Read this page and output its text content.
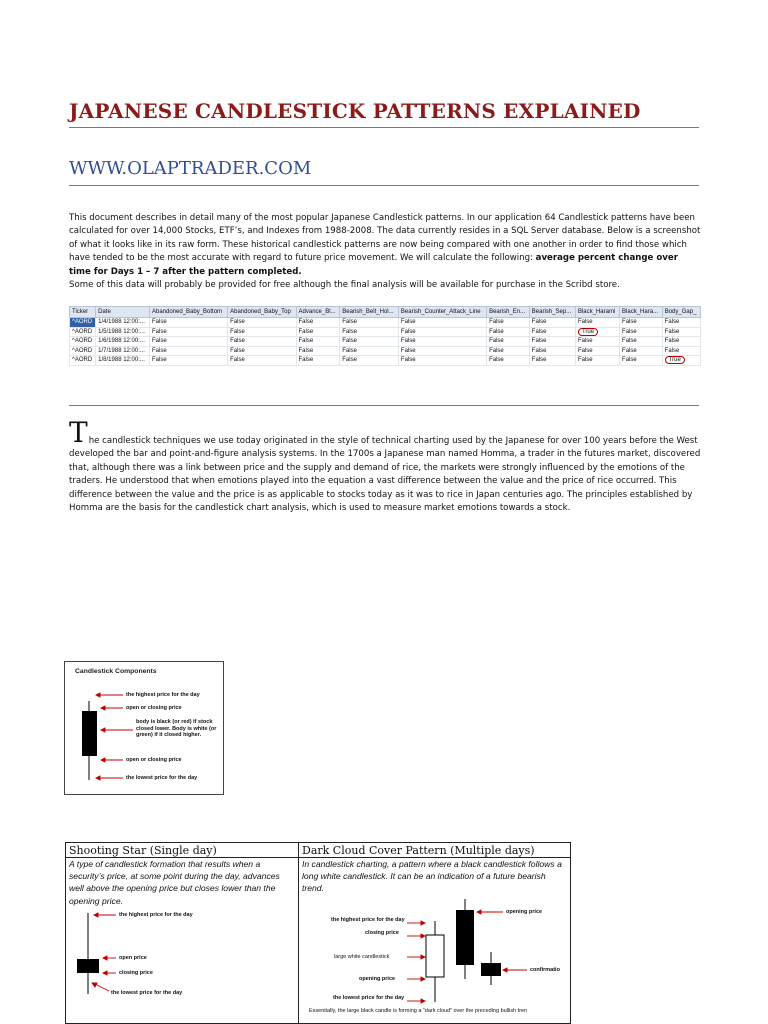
JAPANESE CANDLESTICK PATTERNS EXPLAINED
WWW.OLAPTRADER.COM
This document describes in detail many of the most popular Japanese Candlestick patterns. In our application 64 Candlestick patterns have been calculated for over 14,000 Stocks, ETF’s, and Indexes from 1988-2008. The data currently resides in a SQL Server database. Below is a screenshot of what it looks like in its raw form. These historical candlestick patterns are now being compared with one another in order to find those which have tended to be the most accurate with regard to future price movement. We will calculate the following: average percent change over time for Days 1 – 7 after the pattern completed.
Some of this data will probably be provided for free although the final analysis will be available for purchase in the Scribd store.
Ticker	Date	Abandoned_Baby_Bottom	Abandoned_Baby_Top	Advance_Bl...	Bearish_Belt_Hol...	Bearish_Counter_Attack_Line	Bearish_En...	Bearish_Sep...	Black_Harami	Black_Hara...	Body_Gap_
^AORD	1/4/1988 12:00:...	False	False	False	False	False	False	False	False	False	False
^AORD	1/5/1988 12:00:...	False	False	False	False	False	False	False	True	False	False
^AORD	1/6/1988 12:00:...	False	False	False	False	False	False	False	False	False	False
^AORD	1/7/1988 12:00:...	False	False	False	False	False	False	False	False	False	False
^AORD	1/8/1988 12:00:...	False	False	False	False	False	False	False	False	False	True
T he candlestick techniques we use today originated in the style of technical charting used by the Japanese for over 100 years before the West
developed the bar and point-and-figure analysis systems. In the 1700s a Japanese man named Homma, a trader in the futures market, discovered that, although there was a link between price and the supply and demand of rice, the markets were strongly influenced by the emotions of the traders. He understood that when emotions played into the equation a vast difference between the value and the price of rice occurred. This difference between the value and the price is as applicable to stocks today as it was to rice in Japan centuries ago. The principles established by Homma are the basis for the candlestick chart analysis, which is used to measure market emotions towards a stock.
Candlestick Components
the highest price for the day
open or closing price
body is black (or red) if stock closed lower. Body is white (or green) if it closed higher.
open or closing price
the lowest price for the day
Shooting Star (Single day)
A type of candlestick formation that results when a security’s price, at some point during the day, advances well above the opening price but closes lower than the opening price.
the highest price for the day
open price
closing price
the lowest price for the day
Dark Cloud Cover Pattern (Multiple days)
In candlestick charting, a pattern where a black candlestick follows a long white candlestick. It can be an indication of a future bearish trend.
the highest price for the day
closing price
large white candlestick
opening price
the lowest price for the day
opening price
confirmatio
Essentially, the large black candle is forming a “dark cloud” over the preceding bullish tren
